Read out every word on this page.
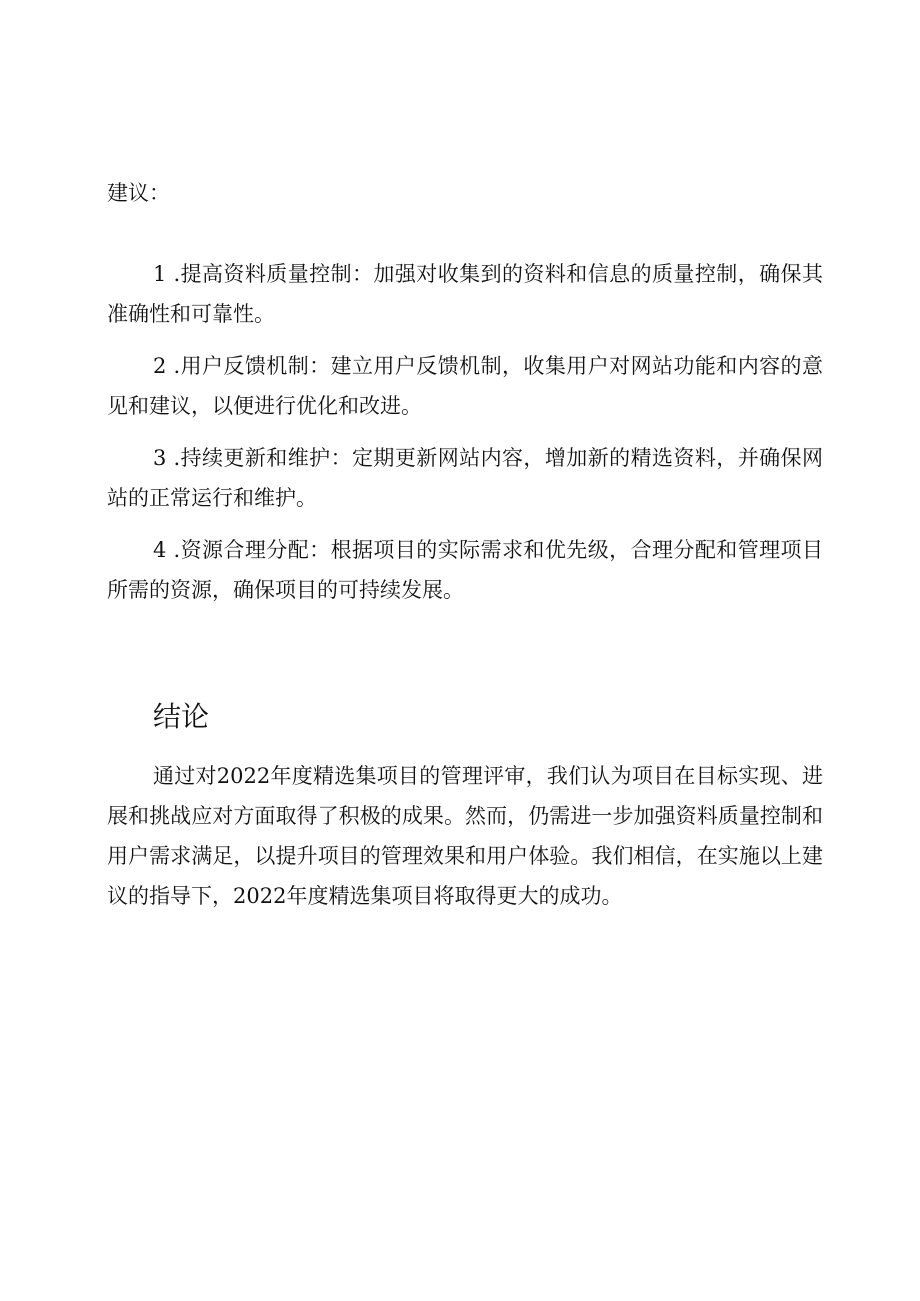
建议：

1 .提高资料质量控制：加强对收集到的资料和信息的质量控制，确保其准确性和可靠性。
2 .用户反馈机制：建立用户反馈机制，收集用户对网站功能和内容的意见和建议，以便进行优化和改进。
3 .持续更新和维护：定期更新网站内容，增加新的精选资料，并确保网站的正常运行和维护。
4 .资源合理分配：根据项目的实际需求和优先级，合理分配和管理项目所需的资源，确保项目的可持续发展。
结论

通过对2022年度精选集项目的管理评审，我们认为项目在目标实现、进展和挑战应对方面取得了积极的成果。然而，仍需进一步加强资料质量控制和用户需求满足，以提升项目的管理效果和用户体验。我们相信，在实施以上建议的指导下，2022年度精选集项目将取得更大的成功。
